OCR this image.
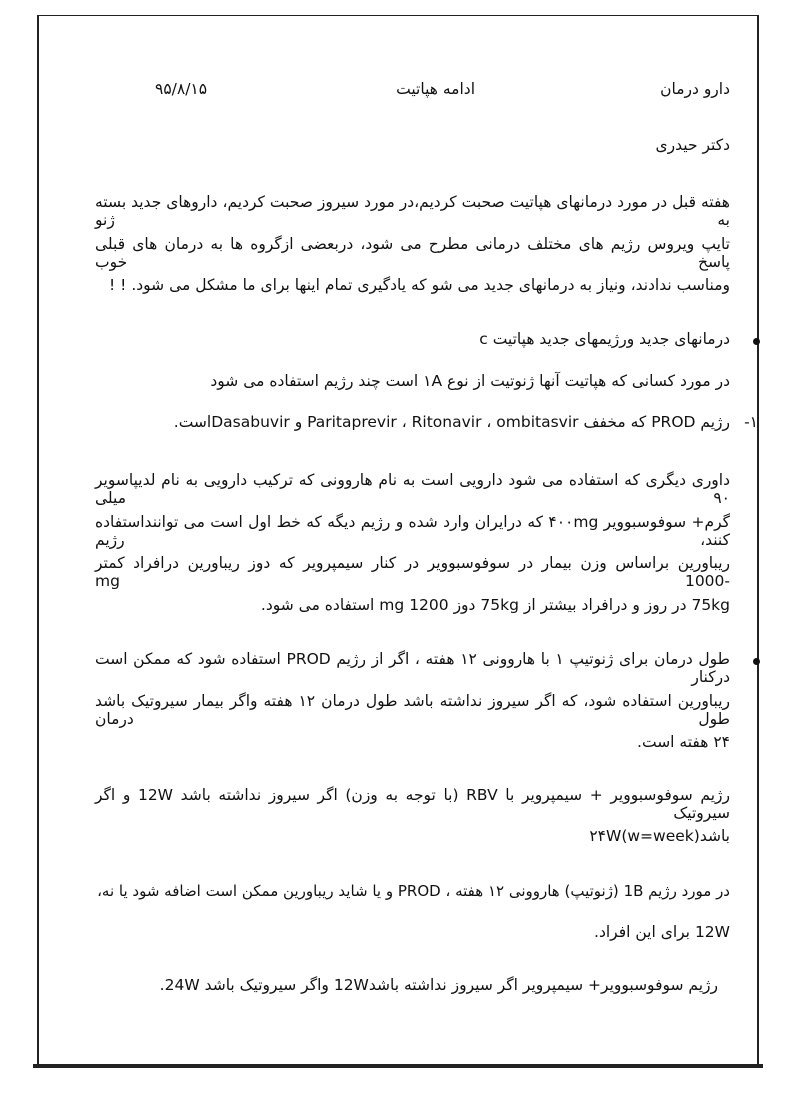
دارو درمان
ادامه هپاتیت
۹۵/۸/۱۵
دکتر حیدری
هفته قبل در مورد درمانهای هپاتیت صحبت کردیم،در مورد سیروز صحبت کردیم، داروهای جدید بسته به ژنو
تایپ ویروس رژیم های مختلف درمانی مطرح می شود، دربعضی ازگروه ها به درمان های قبلی پاسخ خوب
ومناسب ندادند، ونیاز به درمانهای جدید می شو که یادگیری تمام اینها برای ما مشکل می شود. ! !
درمانهای جدید ورژیمهای جدید هپاتیت c
در مورد کسانی که هپاتیت آنها ژنوتیت از نوع ۱A است چند رژیم استفاده می شود
۱-
رژیم PROD که مخفف Paritaprevir ، Ritonavir ، ombitasvir و Dasabuvirاست.
داوری دیگری که استفاده می شود دارویی است به نام هاروونی که ترکیب دارویی به نام لدیپاسویر ۹۰ میلی
گرم+ سوفوسبوویر ۴۰۰mg که درایران وارد شده و رژیم دیگه که خط اول است می توانند‌استفاده کنند، رژیم
ریباورین براساس وزن بیمار در سوفوسبوویر در کنار سیمپرویر که دوز ریباورین درافراد کمتر -1000 mg
75kg در روز و درافراد بیشتر از 75kg دوز 1200 mg استفاده می شود.
طول درمان برای ژنوتیپ ۱ با هاروونی ۱۲ هفته ، اگر از رژیم PROD استفاده شود که ممکن است درکنار
ریباورین استفاده شود، که اگر سیروز نداشته باشد طول درمان ۱۲ هفته واگر بیمار سیروتیک باشد طول درمان
۲۴ هفته است.
رژیم سوفوسبوویر + سیمپرویر با RBV (با توجه به وزن) اگر سیروز نداشته باشد 12W و اگر سیروتیک
باشد۲۴W(w=week)
در مورد رژیم 1B (ژنوتیپ) هاروونی ۱۲ هفته ، PROD و یا شاید ریباورین ممکن است اضافه شود یا نه،
12W برای این افراد.
رژیم سوفوسبوویر+ سیمپرویر اگر سیروز نداشته باشد12W واگر سیروتیک باشد 24W.
